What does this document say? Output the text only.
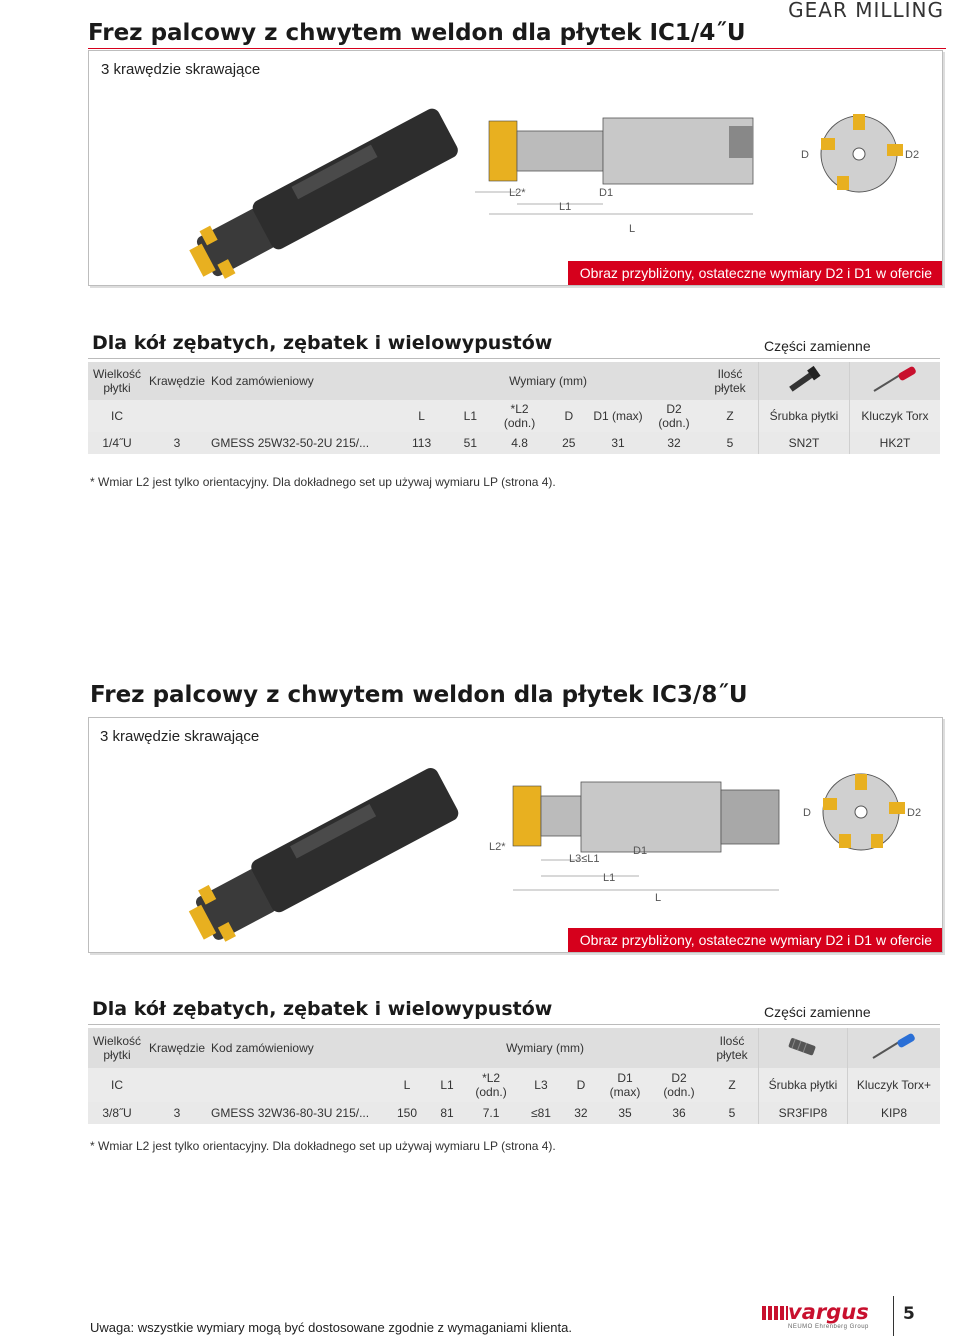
GEAR MILLING
Frez palcowy z chwytem weldon dla płytek IC1/4˝U
3 krawędzie skrawające
L2*	D1
L1
L
D	D2
Obraz przybliżony, ostateczne wymiary D2 i D1 w ofercie
Dla kół zębatych, zębatek i wielowypustów	Części zamienne
Wielkość płytki	Krawędzie	Kod zamówieniowy	Wymiary (mm)						Ilość płytek		
IC			L	L1	*L2 (odn.)	D	D1 (max)	D2 (odn.)	Z	Śrubka płytki	Kluczyk Torx
1/4˝U	3	GMESS 25W32-50-2U 215/...	113	51	4.8	25	31	32	5	SN2T	HK2T
* Wmiar L2 jest tylko orientacyjny. Dla dokładnego set up używaj wymiaru LP (strona 4).
Frez palcowy z chwytem weldon dla płytek IC3/8˝U
3 krawędzie skrawające
L2*
L3≤L1
D1
L1
L
D	D2
Obraz przybliżony, ostateczne wymiary D2 i D1 w ofercie
Dla kół zębatych, zębatek i wielowypustów	Części zamienne
Wielkość płytki	Krawędzie	Kod zamówieniowy	Wymiary (mm)							Ilość płytek		
IC			L	L1	*L2 (odn.)	L3	D	D1 (max)	D2 (odn.)	Z	Śrubka płytki	Kluczyk Torx+
3/8˝U	3	GMESS 32W36-80-3U 215/...	150	81	7.1	≤81	32	35	36	5	SR3FIP8	KIP8
* Wmiar L2 jest tylko orientacyjny. Dla dokładnego set up używaj wymiaru LP (strona 4).
Uwaga: wszystkie wymiary mogą być dostosowane zgodnie z wymaganiami klienta.
vargus
NEUMO Ehrenberg Group
5
